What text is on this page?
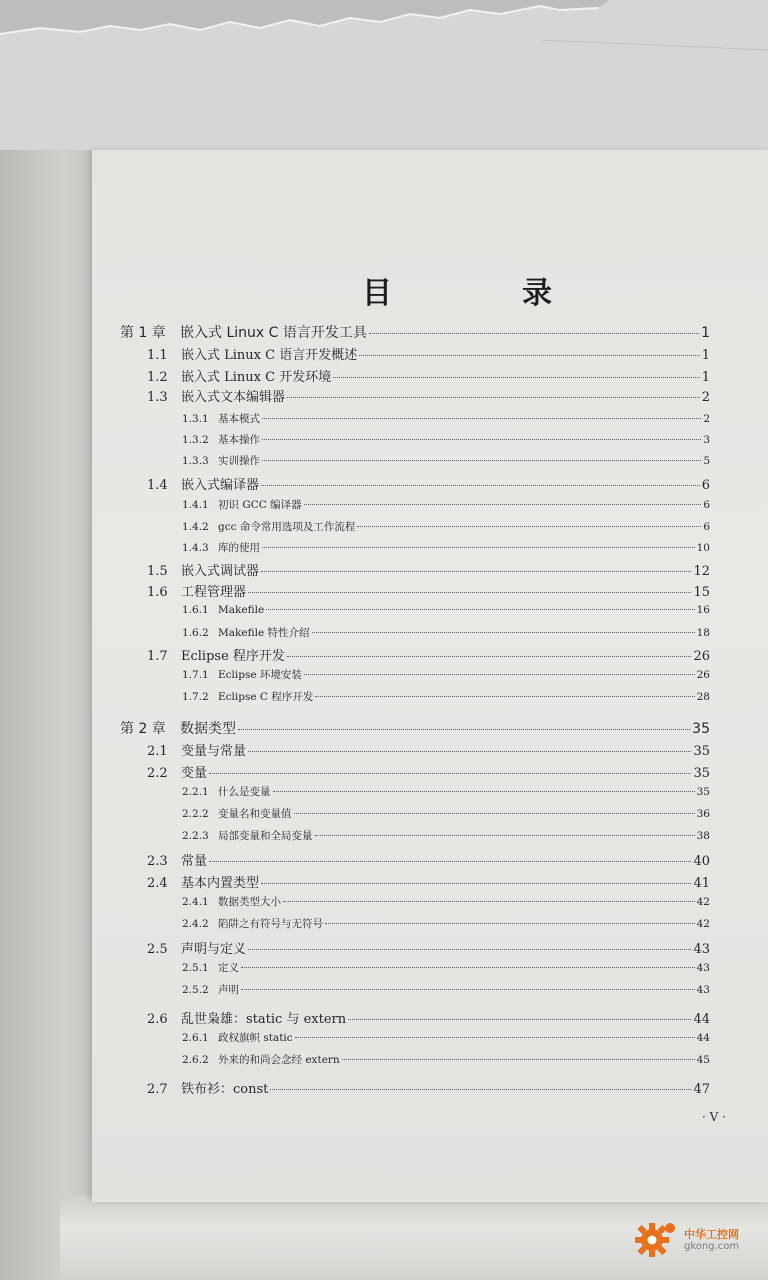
目　录
第 1 章	嵌入式 Linux C 语言开发工具	1
1.1	嵌入式 Linux C 语言开发概述	1
1.2	嵌入式 Linux C 开发环境	1
1.3	嵌入式文本编辑器	2
1.3.1 基本模式	2
1.3.2 基本操作	3
1.3.3 实训操作	5
1.4	嵌入式编译器	6
1.4.1 初识 GCC 编译器	6
1.4.2 gcc 命令常用选项及工作流程	6
1.4.3 库的使用	10
1.5	嵌入式调试器	12
1.6	工程管理器	15
1.6.1 Makefile	16
1.6.2 Makefile 特性介绍	18
1.7	Eclipse 程序开发	26
1.7.1 Eclipse 环境安装	26
1.7.2 Eclipse C 程序开发	28
第 2 章	数据类型	35
2.1	变量与常量	35
2.2	变量	35
2.2.1 什么是变量	35
2.2.2 变量名和变量值	36
2.2.3 局部变量和全局变量	38
2.3	常量	40
2.4	基本内置类型	41
2.4.1 数据类型大小	42
2.4.2 陷阱之有符号与无符号	42
2.5	声明与定义	43
2.5.1 定义	43
2.5.2 声明	43
2.6	乱世枭雄：static 与 extern	44
2.6.1 政权旗帜 static	44
2.6.2 外来的和尚会念经 extern	45
2.7	铁布衫：const	47

· V ·

中华工控网
gkong.com
